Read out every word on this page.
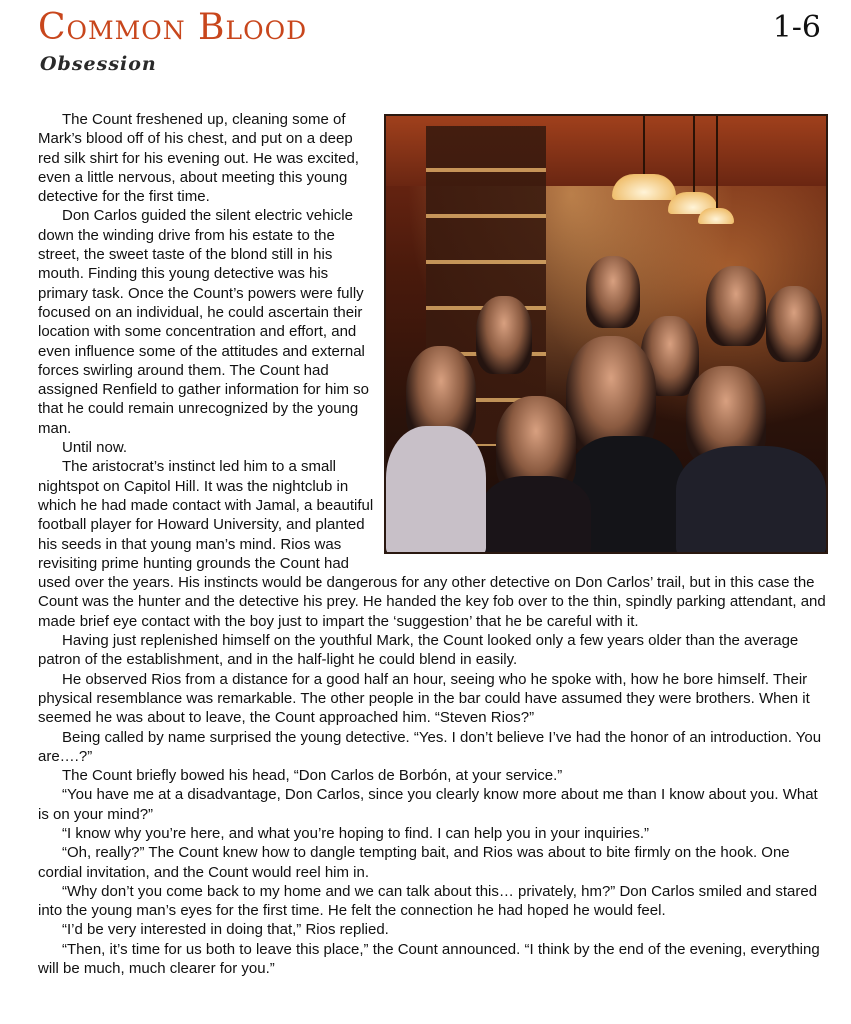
Common Blood
Obsession
1-6

The Count freshened up, cleaning some of Mark’s blood off of his chest, and put on a deep red silk shirt for his evening out. He was excited, even a little nervous, about meeting this young detective for the first time.

Don Carlos guided the silent electric vehicle down the winding drive from his estate to the street, the sweet taste of the blond still in his mouth. Finding this young detective was his primary task. Once the Count’s powers were fully focused on an individual, he could ascertain their location with some concentration and effort, and even influence some of the attitudes and external forces swirling around them. The Count had assigned Renfield to gather information for him so that he could remain unrecognized by the young man.

Until now.

The aristocrat’s instinct led him to a small nightspot on Capitol Hill. It was the nightclub in which he had made contact with Jamal, a beautiful football player for Howard University, and planted his seeds in that young man’s mind. Rios was revisiting prime hunting grounds the Count had used over the years. His instincts would be dangerous for any other detective on Don Carlos’ trail, but in this case the Count was the hunter and the detective his prey. He handed the key fob over to the thin, spindly parking attendant, and made brief eye contact with the boy just to impart the ‘suggestion’ that he be careful with it.

Having just replenished himself on the youthful Mark, the Count looked only a few years older than the average patron of the establishment, and in the half-light he could blend in easily.

He observed Rios from a distance for a good half an hour, seeing who he spoke with, how he bore himself. Their physical resemblance was remarkable. The other people in the bar could have assumed they were brothers. When it seemed he was about to leave, the Count approached him. “Steven Rios?”

Being called by name surprised the young detective. “Yes. I don’t believe I’ve had the honor of an introduction. You are….?”

The Count briefly bowed his head, “Don Carlos de Borbón, at your service.”

“You have me at a disadvantage, Don Carlos, since you clearly know more about me than I know about you. What is on your mind?”

“I know why you’re here, and what you’re hoping to find. I can help you in your inquiries.”

“Oh, really?” The Count knew how to dangle tempting bait, and Rios was about to bite firmly on the hook. One cordial invitation, and the Count would reel him in.

“Why don’t you come back to my home and we can talk about this… privately, hm?” Don Carlos smiled and stared into the young man’s eyes for the first time. He felt the connection he had hoped he would feel.

“I’d be very interested in doing that,” Rios replied.

“Then, it’s time for us both to leave this place,” the Count announced. “I think by the end of the evening, everything will be much, much clearer for you.”
